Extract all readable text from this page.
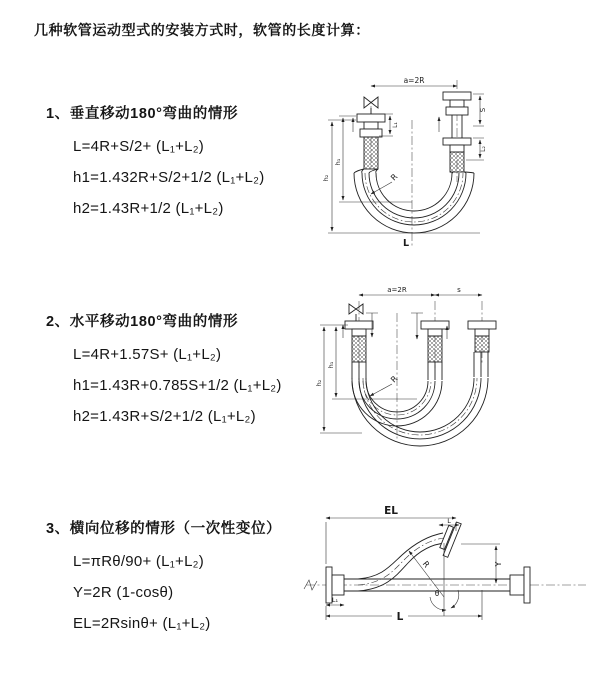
几种软管运动型式的安装方式时，软管的长度计算：
1、垂直移动180°弯曲的情形
L=4R+S/2+ (L₁+L₂)
h1=1.432R+S/2+1/2 (L₁+L₂)
h2=1.43R+1/2 (L₁+L₂)
2、水平移动180°弯曲的情形
L=4R+1.57S+ (L₁+L₂)
h1=1.43R+0.785S+1/2 (L₁+L₂)
h2=1.43R+S/2+1/2 (L₁+L₂)
3、横向位移的情形（一次性变位）
L=πRθ/90+ (L₁+L₂)
Y=2R (1-cosθ)
EL=2Rsinθ+ (L₁+L₂)
a=2R
L₁
S
L₂
h₁
h₂	R
L
a=2R	s
h₁
h₂	R
EL
L
Y
R
θ
L₁
L
